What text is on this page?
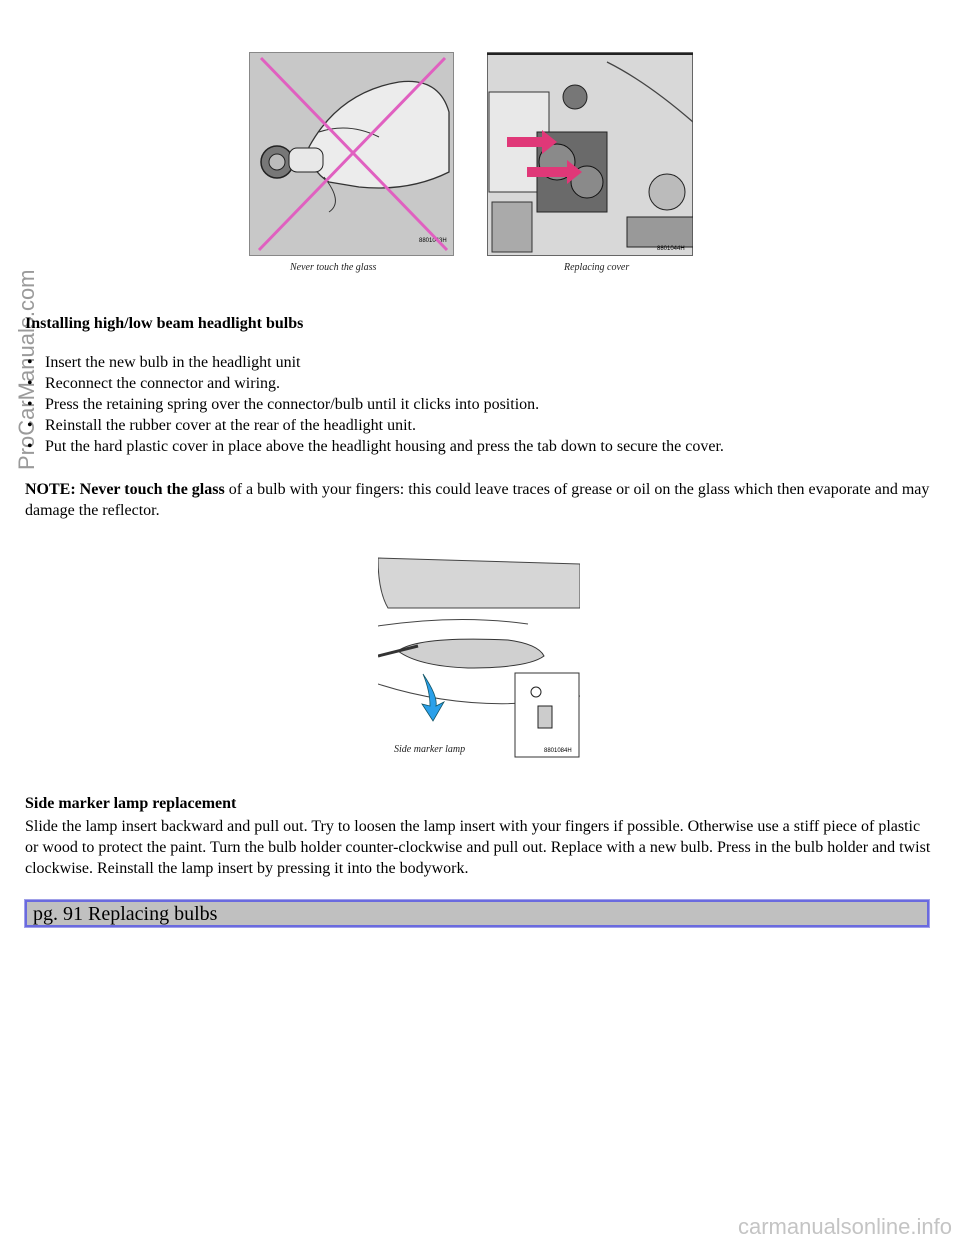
ProCarManuals.com
8801043H
Never touch the glass
8801044H
Replacing cover
Installing high/low beam headlight bulbs
• Insert the new bulb in the headlight unit
• Reconnect the connector and wiring.
• Press the retaining spring over the connector/bulb until it clicks into position.
• Reinstall the rubber cover at the rear of the headlight unit.
• Put the hard plastic cover in place above the headlight housing and press the tab down to secure the cover.
NOTE: Never touch the glass of a bulb with your fingers: this could leave traces of grease or oil on the glass which then evaporate and may damage the reflector.
Side marker lamp	8801084H
Side marker lamp replacement
Slide the lamp insert backward and pull out. Try to loosen the lamp insert with your fingers if possible. Otherwise use a stiff piece of plastic or wood to protect the paint. Turn the bulb holder counter-clockwise and pull out. Replace with a new bulb. Press in the bulb holder and twist clockwise. Reinstall the lamp insert by pressing it into the bodywork.
pg. 91 Replacing bulbs
carmanualsonline.info
